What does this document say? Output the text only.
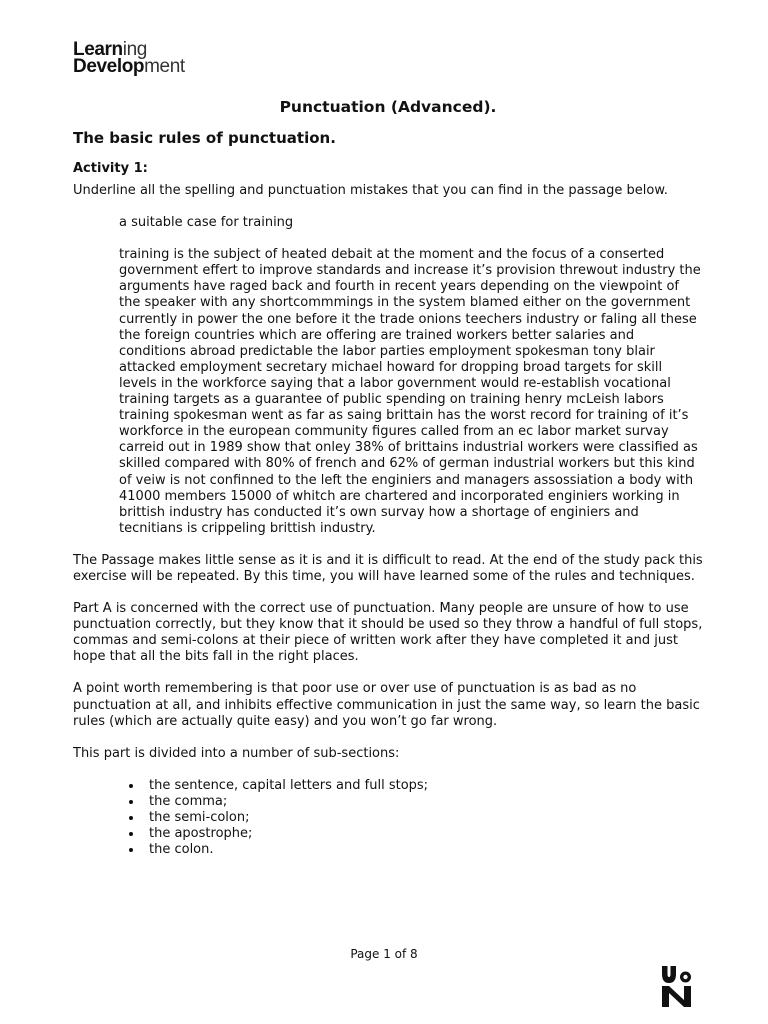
Learning
Development
Punctuation (Advanced).
The basic rules of punctuation.
Activity 1:

Underline all the spelling and punctuation mistakes that you can find in the passage below.

a suitable case for training

training is the subject of heated debait at the moment and the focus of a conserted government effert to improve standards and increase it’s provision threwout industry the arguments have raged back and fourth in recent years depending on the viewpoint of the speaker with any shortcommmings in the system blamed either on the government currently in power the one before it the trade onions teechers industry or faling all these the foreign countries which are offering are trained workers better salaries and conditions abroad predictable the labor parties employment spokesman tony blair attacked employment secretary michael howard for dropping broad targets for skill levels in the workforce saying that a labor government would re-establish vocational training targets as a guarantee of public spending on training henry mcLeish labors training spokesman went as far as saing brittain has the worst record for training of it’s workforce in the european community figures called from an ec labor market survay carreid out in 1989 show that onley 38% of brittains industrial workers were classified as skilled compared with 80% of french and 62% of german industrial workers but this kind of veiw is not confinned to the left the enginiers and managers assossiation a body with 41000 members 15000 of whitch are chartered and incorporated enginiers working in brittish industry has conducted it’s own survay how a shortage of enginiers and tecnitians is crippeling brittish industry.

The Passage makes little sense as it is and it is difficult to read. At the end of the study pack this exercise will be repeated. By this time, you will have learned some of the rules and techniques.

Part A is concerned with the correct use of punctuation. Many people are unsure of how to use punctuation correctly, but they know that it should be used so they throw a handful of full stops, commas and semi-colons at their piece of written work after they have completed it and just hope that all the bits fall in the right places.

A point worth remembering is that poor use or over use of punctuation is as bad as no punctuation at all, and inhibits effective communication in just the same way, so learn the basic rules (which are actually quite easy) and you won’t go far wrong.

This part is divided into a number of sub-sections:

• the sentence, capital letters and full stops;
• the comma;
• the semi-colon;
• the apostrophe;
• the colon.
Page 1 of 8
